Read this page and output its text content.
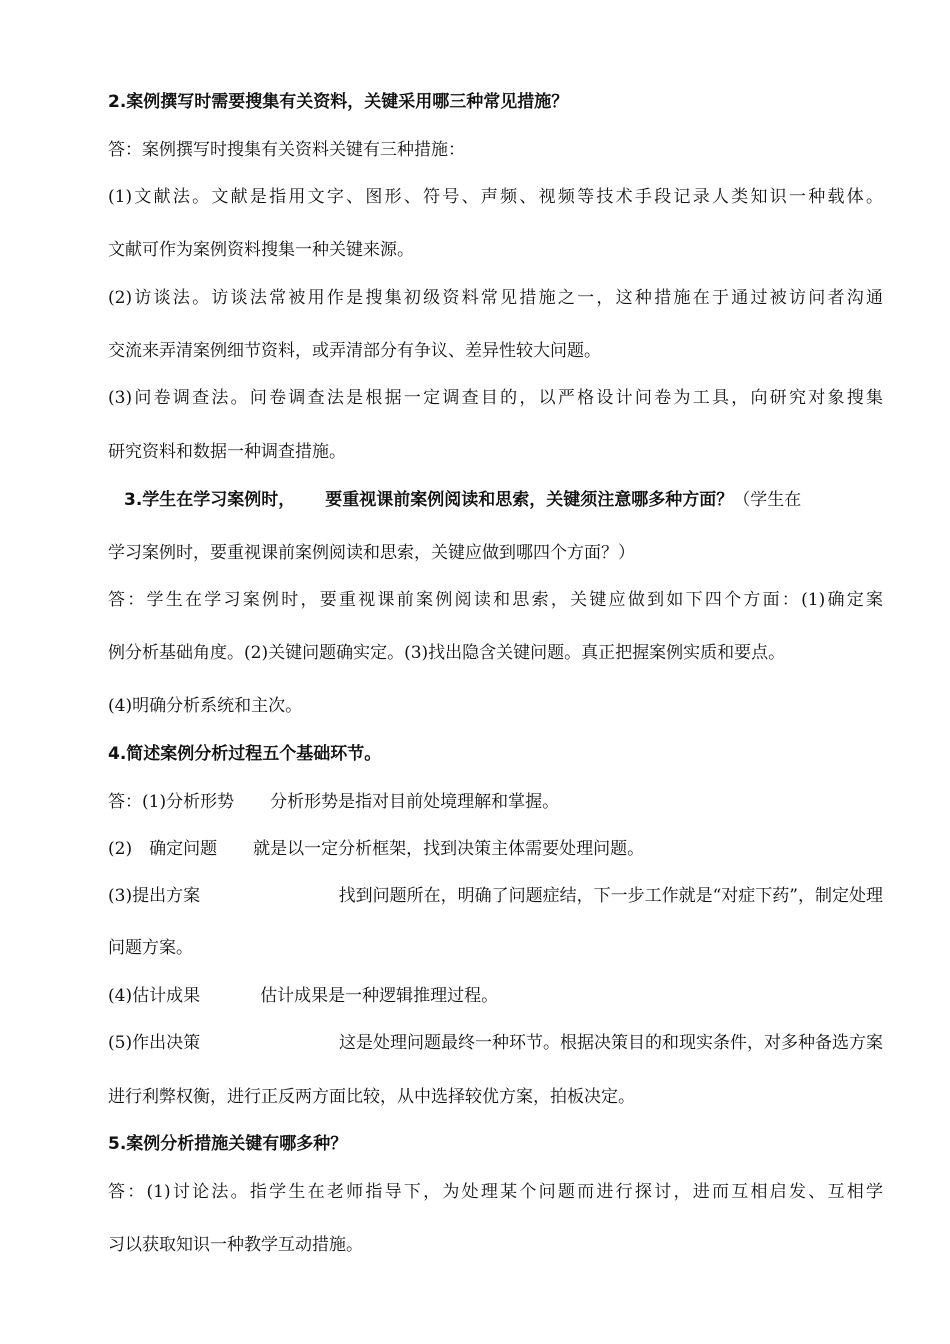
2.案例撰写时需要搜集有关资料，关键采用哪三种常见措施？
答：案例撰写时搜集有关资料关键有三种措施：
(1)文献法。文献是指用文字、图形、符号、声频、视频等技术手段记录人类知识一种载体。
文献可作为案例资料搜集一种关键来源。
(2)访谈法。访谈法常被用作是搜集初级资料常见措施之一，这种措施在于通过被访问者沟通
交流来弄清案例细节资料，或弄清部分有争议、差异性较大问题。
(3)问卷调查法。问卷调查法是根据一定调查目的，以严格设计问卷为工具，向研究对象搜集
研究资料和数据一种调查措施。
3.学生在学习案例时， 要重视课前案例阅读和思索，关键须注意哪多种方面？（学生在
学习案例时，要重视课前案例阅读和思索，关键应做到哪四个方面？）
答：学生在学习案例时，要重视课前案例阅读和思索，关键应做到如下四个方面：(1)确定案
例分析基础角度。(2)关键问题确实定。(3)找出隐含关键问题。真正把握案例实质和要点。
(4)明确分析系统和主次。
4.简述案例分析过程五个基础环节。
答：(1)分析形势 分析形势是指对目前处境理解和掌握。
(2)　确定问题 就是以一定分析框架，找到决策主体需要处理问题。
(3)提出方案	找到问题所在，明确了问题症结，下一步工作就是“对症下药”，制定处理
问题方案。
(4)估计成果	估计成果是一种逻辑推理过程。
(5)作出决策	这是处理问题最终一种环节。根据决策目的和现实条件，对多种备选方案
进行利弊权衡，进行正反两方面比较，从中选择较优方案，拍板决定。
5.案例分析措施关键有哪多种？
答：(1)讨论法。指学生在老师指导下，为处理某个问题而进行探讨，进而互相启发、互相学
习以获取知识一种教学互动措施。
